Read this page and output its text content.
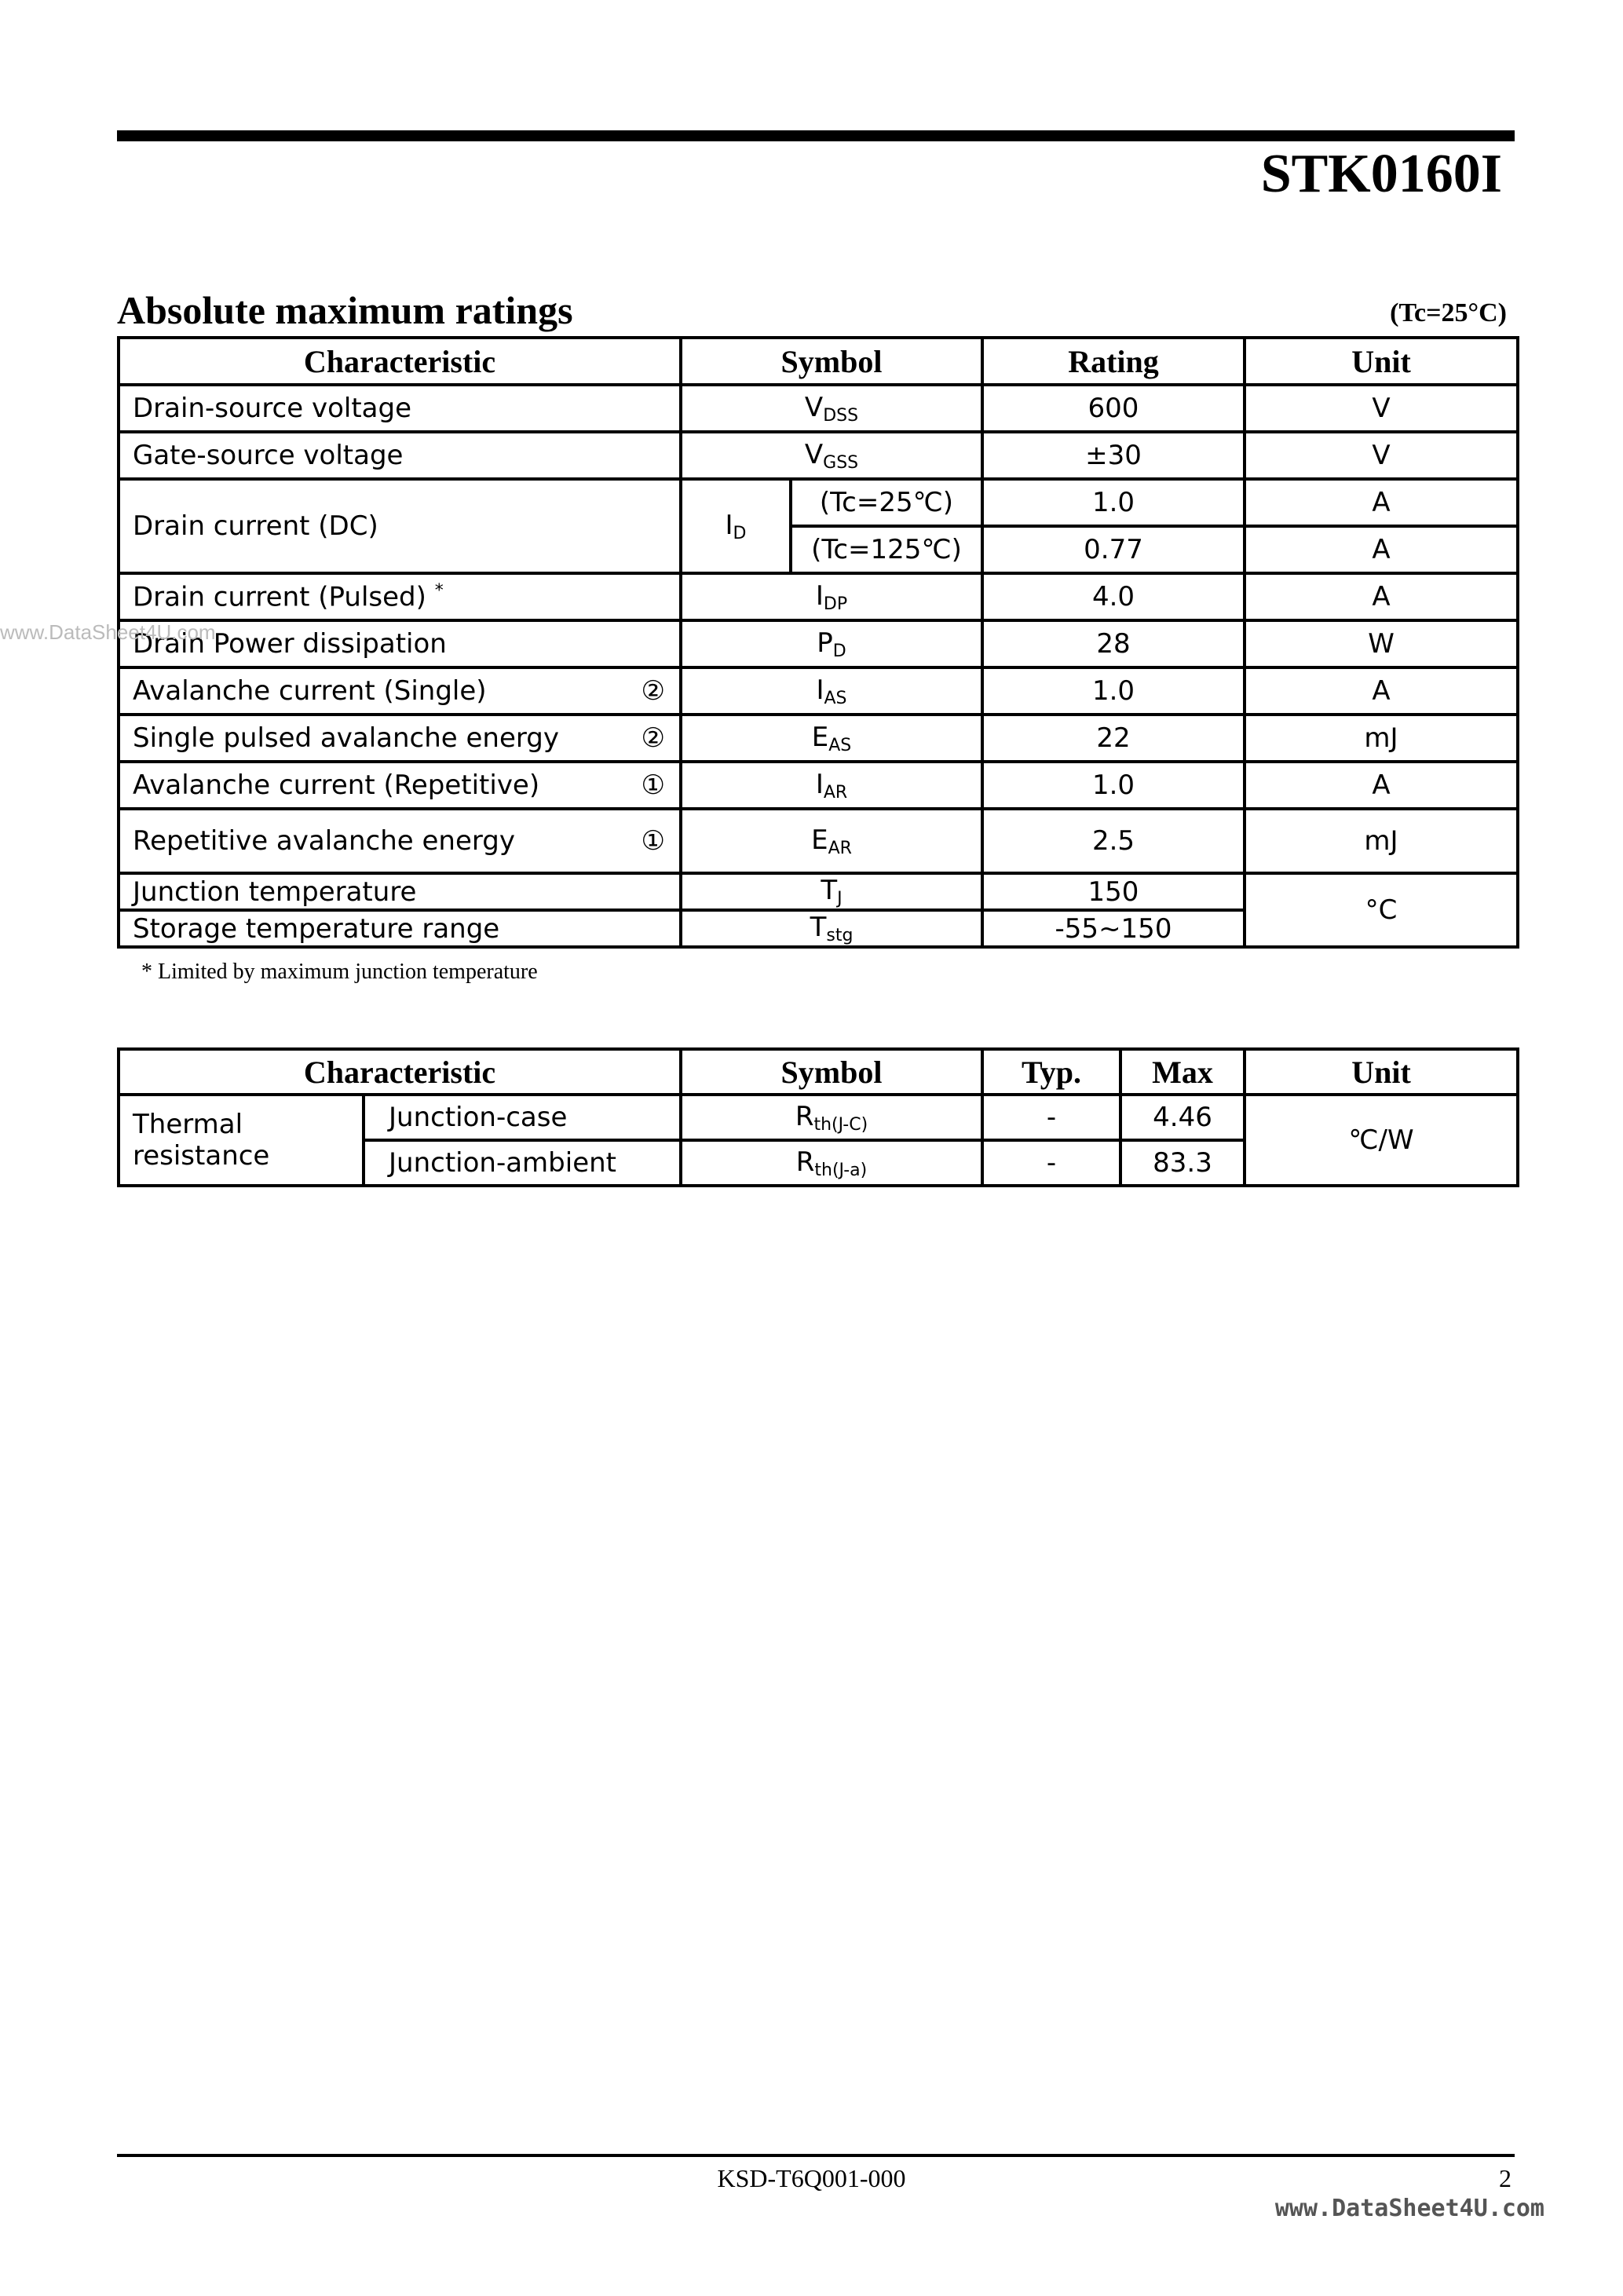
STK0160I
Absolute maximum ratings	(Tc=25°C)
Characteristic	Symbol		Rating	Unit
Drain-source voltage	$V_{DSS}$		600	V
Gate-source voltage	$V_{GSS}$		±30	V
Drain current (DC)	$I_D$	(Tc=25℃)	1.0	A
		(Tc=125℃)	0.77	A
Drain current (Pulsed) *	$I_{DP}$		4.0	A
Drain Power dissipation	$P_D$		28	W
Avalanche current (Single) ②	$I_{AS}$		1.0	A
Single pulsed avalanche energy ②	$E_{AS}$		22	mJ
Avalanche current (Repetitive) ①	$I_{AR}$		1.0	A
Repetitive avalanche energy ①	$E_{AR}$		2.5	mJ
Junction temperature	$T_J$		150	°C
Storage temperature range	$T_{stg}$		-55~150	
* Limited by maximum junction temperature
Characteristic		Symbol	Typ.	Max	Unit
Thermal resistance	Junction-case	$R_{th(J-C)}$	-	4.46	℃/W
	Junction-ambient	$R_{th(J-a)}$	-	83.3	
KSD-T6Q001-000	2
www.DataSheet4U.com
www.DataSheet4U.com
